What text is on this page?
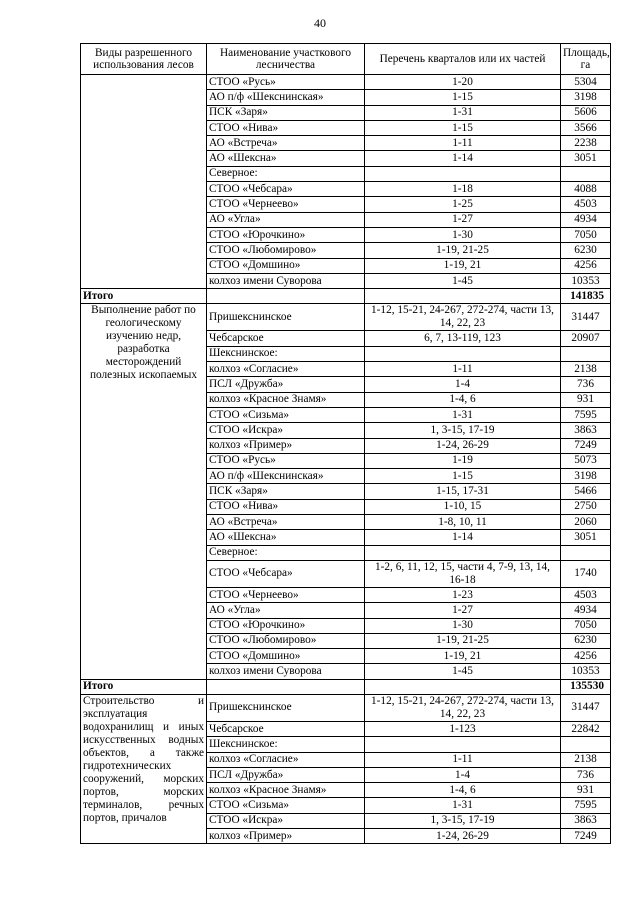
40
Виды разрешенного использования лесов	Наименование участкового лесничества	Перечень кварталов или их частей	Площадь, га
	СТОО «Русь»	1-20	5304
	АО п/ф «Шекснинская»	1-15	3198
	ПСК «Заря»	1-31	5606
	СТОО «Нива»	1-15	3566
	АО «Встреча»	1-11	2238
	АО «Шексна»	1-14	3051
	Северное:		
	СТОО «Чебсара»	1-18	4088
	СТОО «Чернеево»	1-25	4503
	АО «Угла»	1-27	4934
	СТОО «Юрочкино»	1-30	7050
	СТОО «Любомирово»	1-19, 21-25	6230
	СТОО «Домшино»	1-19, 21	4256
	колхоз имени Суворова	1-45	10353
Итого			141835
Выполнение работ по геологическому изучению недр, разработка месторождений полезных ископаемых	Пришекснинское	1-12, 15-21, 24-267, 272-274, части 13, 14, 22, 23	31447
	Чебсарское	6, 7, 13-119, 123	20907
	Шекснинское:		
	колхоз «Согласие»	1-11	2138
	ПСЛ «Дружба»	1-4	736
	колхоз «Красное Знамя»	1-4, 6	931
	СТОО «Сизьма»	1-31	7595
	СТОО «Искра»	1, 3-15, 17-19	3863
	колхоз «Пример»	1-24, 26-29	7249
	СТОО «Русь»	1-19	5073
	АО п/ф «Шекснинская»	1-15	3198
	ПСК «Заря»	1-15, 17-31	5466
	СТОО «Нива»	1-10, 15	2750
	АО «Встреча»	1-8, 10, 11	2060
	АО «Шексна»	1-14	3051
	Северное:		
	СТОО «Чебсара»	1-2, 6, 11, 12, 15, части 4, 7-9, 13, 14, 16-18	1740
	СТОО «Чернеево»	1-23	4503
	АО «Угла»	1-27	4934
	СТОО «Юрочкино»	1-30	7050
	СТОО «Любомирово»	1-19, 21-25	6230
	СТОО «Домшино»	1-19, 21	4256
	колхоз имени Суворова	1-45	10353
Итого			135530
Строительство и эксплуатация водохранилищ и иных искусственных водных объектов, а также гидротехнических сооружений, морских портов, морских терминалов, речных портов, причалов	Пришекснинское	1-12, 15-21, 24-267, 272-274, части 13, 14, 22, 23	31447
	Чебсарское	1-123	22842
	Шекснинское:		
	колхоз «Согласие»	1-11	2138
	ПСЛ «Дружба»	1-4	736
	колхоз «Красное Знамя»	1-4, 6	931
	СТОО «Сизьма»	1-31	7595
	СТОО «Искра»	1, 3-15, 17-19	3863
	колхоз «Пример»	1-24, 26-29	7249
